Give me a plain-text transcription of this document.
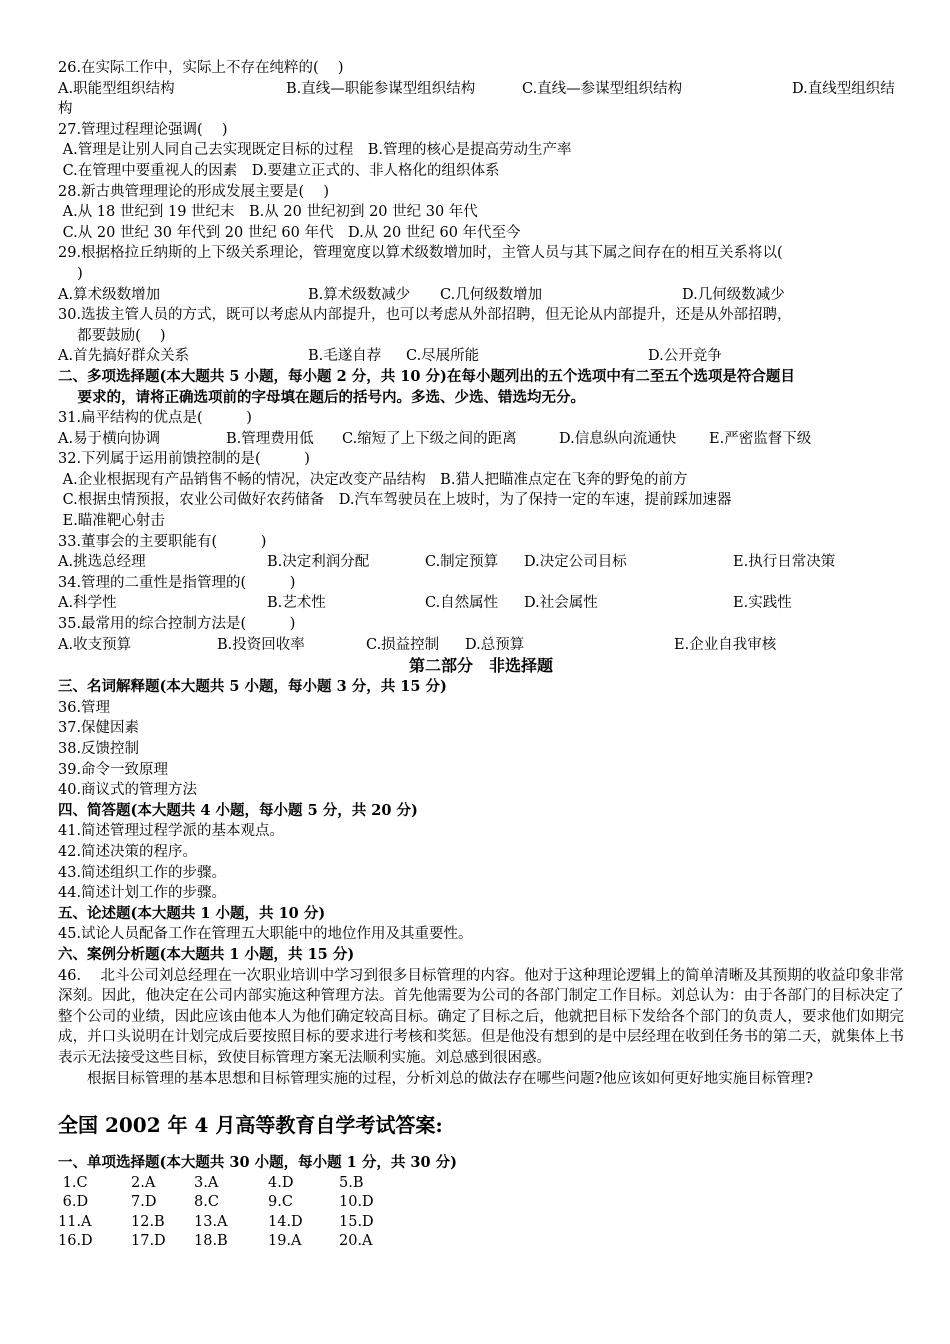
26.在实际工作中，实际上不存在纯粹的(　 )
A.职能型组织结构	B.直线—职能参谋型组织结构	C.直线—参谋型组织结构	D.直线型组织结
构
27.管理过程理论强调(　 )
A.管理是让别人同自己去实现既定目标的过程　B.管理的核心是提高劳动生产率
C.在管理中要重视人的因素　D.要建立正式的、非人格化的组织体系
28.新古典管理理论的形成发展主要是(　 )
A.从 18 世纪到 19 世纪末　B.从 20 世纪初到 20 世纪 30 年代
C.从 20 世纪 30 年代到 20 世纪 60 年代　D.从 20 世纪 60 年代至今
29.根据格拉丘纳斯的上下级关系理论，管理宽度以算术级数增加时，主管人员与其下属之间存在的相互关系将以(
　 )
A.算术级数增加	B.算术级数减少	C.几何级数增加	D.几何级数减少
30.选拔主管人员的方式，既可以考虑从内部提升，也可以考虑从外部招聘，但无论从内部提升，还是从外部招聘，
　 都要鼓励(　 )
A.首先搞好群众关系	B.毛遂自荐	C.尽展所能	D.公开竞争
二、多项选择题(本大题共 5 小题，每小题 2 分，共 10 分)在每小题列出的五个选项中有二至五个选项是符合题目
　 要求的，请将正确选项前的字母填在题后的括号内。多选、少选、错选均无分。
31.扁平结构的优点是(　　　)
A.易于横向协调	B.管理费用低	C.缩短了上下级之间的距离	D.信息纵向流通快	E.严密监督下级
32.下列属于运用前馈控制的是(　　　)
A.企业根据现有产品销售不畅的情况，决定改变产品结构　B.猎人把瞄准点定在飞奔的野兔的前方
C.根据虫情预报，农业公司做好农药储备　D.汽车驾驶员在上坡时，为了保持一定的车速，提前踩加速器
E.瞄准靶心射击
33.董事会的主要职能有(　　　)
A.挑选总经理	B.决定利润分配	C.制定预算	D.决定公司目标	E.执行日常决策
34.管理的二重性是指管理的(　　　)
A.科学性	B.艺术性	C.自然属性	D.社会属性	E.实践性
35.最常用的综合控制方法是(　　　)
A.收支预算	B.投资回收率	C.损益控制	D.总预算	E.企业自我审核
第二部分　非选择题
三、名词解释题(本大题共 5 小题，每小题 3 分，共 15 分)
36.管理
37.保健因素
38.反馈控制
39.命令一致原理
40.商议式的管理方法
四、简答题(本大题共 4 小题，每小题 5 分，共 20 分)
41.简述管理过程学派的基本观点。
42.简述决策的程序。
43.简述组织工作的步骤。
44.简述计划工作的步骤。
五、论述题(本大题共 1 小题，共 10 分)
45.试论人员配备工作在管理五大职能中的地位作用及其重要性。
六、案例分析题(本大题共 1 小题，共 15 分)
46.　 北斗公司刘总经理在一次职业培训中学习到很多目标管理的内容。他对于这种理论逻辑上的简单清晰及其预期的收益印象非常深刻。因此，他决定在公司内部实施这种管理方法。首先他需要为公司的各部门制定工作目标。刘总认为：由于各部门的目标决定了整个公司的业绩，因此应该由他本人为他们确定较高目标。确定了目标之后，他就把目标下发给各个部门的负责人，要求他们如期完成，并口头说明在计划完成后要按照目标的要求进行考核和奖惩。但是他没有想到的是中层经理在收到任务书的第二天，就集体上书表示无法接受这些目标，致使目标管理方案无法顺利实施。刘总感到很困惑。
　　根据目标管理的基本思想和目标管理实施的过程，分析刘总的做法存在哪些问题?他应该如何更好地实施目标管理?
全国 2002 年 4 月高等教育自学考试答案:
一、单项选择题(本大题共 30 小题，每小题 1 分，共 30 分)
1.C	2.A	3.A	4.D	5.B
6.D	7.D	8.C	9.C	10.D
11.A	12.B	13.A	14.D	15.D
16.D	17.D	18.B	19.A	20.A
